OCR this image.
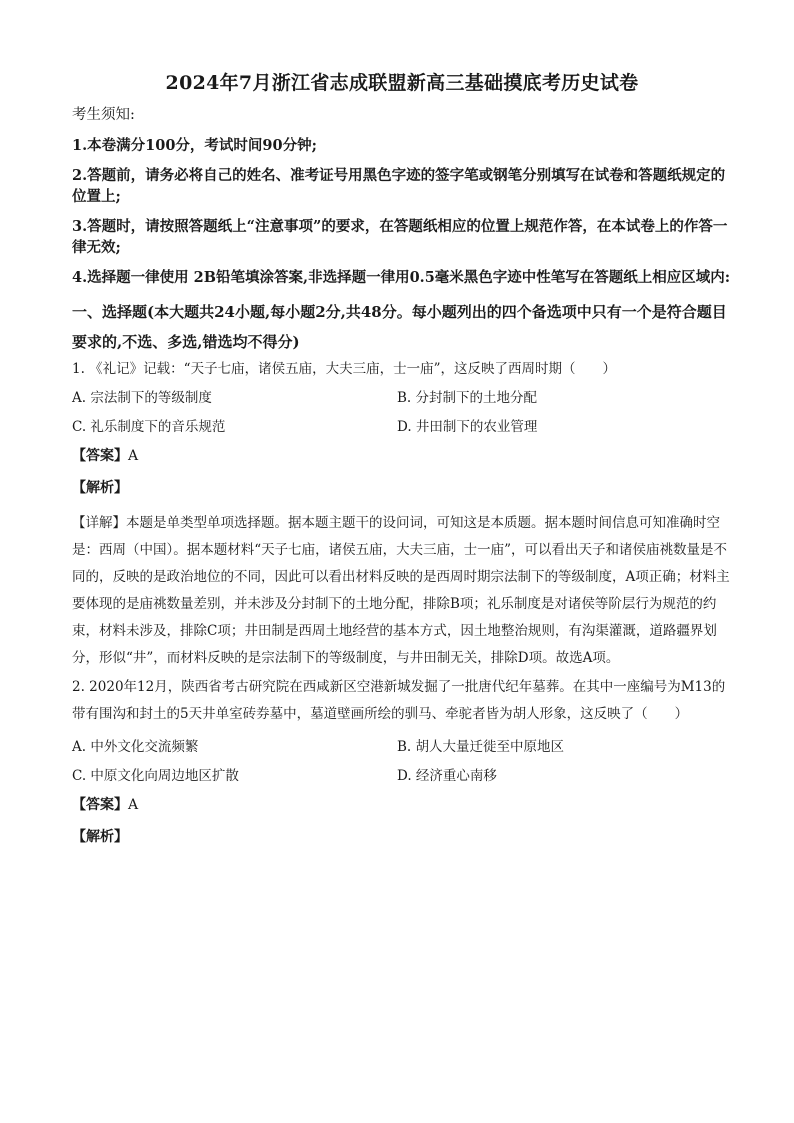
2024年7月浙江省志成联盟新高三基础摸底考历史试卷
考生须知:
1.本卷满分100分，考试时间90分钟;
2.答题前，请务必将自己的姓名、准考证号用黑色字迹的签字笔或钢笔分别填写在试卷和答题纸规定的位置上;
3.答题时，请按照答题纸上“注意事项”的要求，在答题纸相应的位置上规范作答，在本试卷上的作答一律无效;
4.选择题一律使用 2B铅笔填涂答案,非选择题一律用0.5毫米黑色字迹中性笔写在答题纸上相应区域内:
一、选择题(本大题共24小题,每小题2分,共48分。每小题列出的四个备选项中只有一个是符合题目要求的,不选、多选,错选均不得分)
1. 《礼记》记载：“天子七庙，诸侯五庙，大夫三庙，士一庙”，这反映了西周时期（　　）
A. 宗法制下的等级制度	B. 分封制下的土地分配
C. 礼乐制度下的音乐规范	D. 井田制下的农业管理
【答案】A
【解析】
【详解】本题是单类型单项选择题。据本题主题干的设问词，可知这是本质题。据本题时间信息可知准确时空是：西周（中国）。据本题材料“天子七庙，诸侯五庙，大夫三庙，士一庙”，可以看出天子和诸侯庙祧数量是不同的，反映的是政治地位的不同，因此可以看出材料反映的是西周时期宗法制下的等级制度，A项正确；材料主要体现的是庙祧数量差别，并未涉及分封制下的土地分配，排除B项；礼乐制度是对诸侯等阶层行为规范的约束，材料未涉及，排除C项；井田制是西周土地经营的基本方式，因土地整治规则，有沟渠灌溉，道路疆界划分，形似“井”，而材料反映的是宗法制下的等级制度，与井田制无关，排除D项。故选A项。
2. 2020年12月，陕西省考古研究院在西咸新区空港新城发掘了一批唐代纪年墓葬。在其中一座编号为M13的带有围沟和封土的5天井单室砖券墓中，墓道壁画所绘的驯马、牵驼者皆为胡人形象，这反映了（　　）
A. 中外文化交流频繁	B. 胡人大量迁徙至中原地区
C. 中原文化向周边地区扩散	D. 经济重心南移
【答案】A
【解析】
